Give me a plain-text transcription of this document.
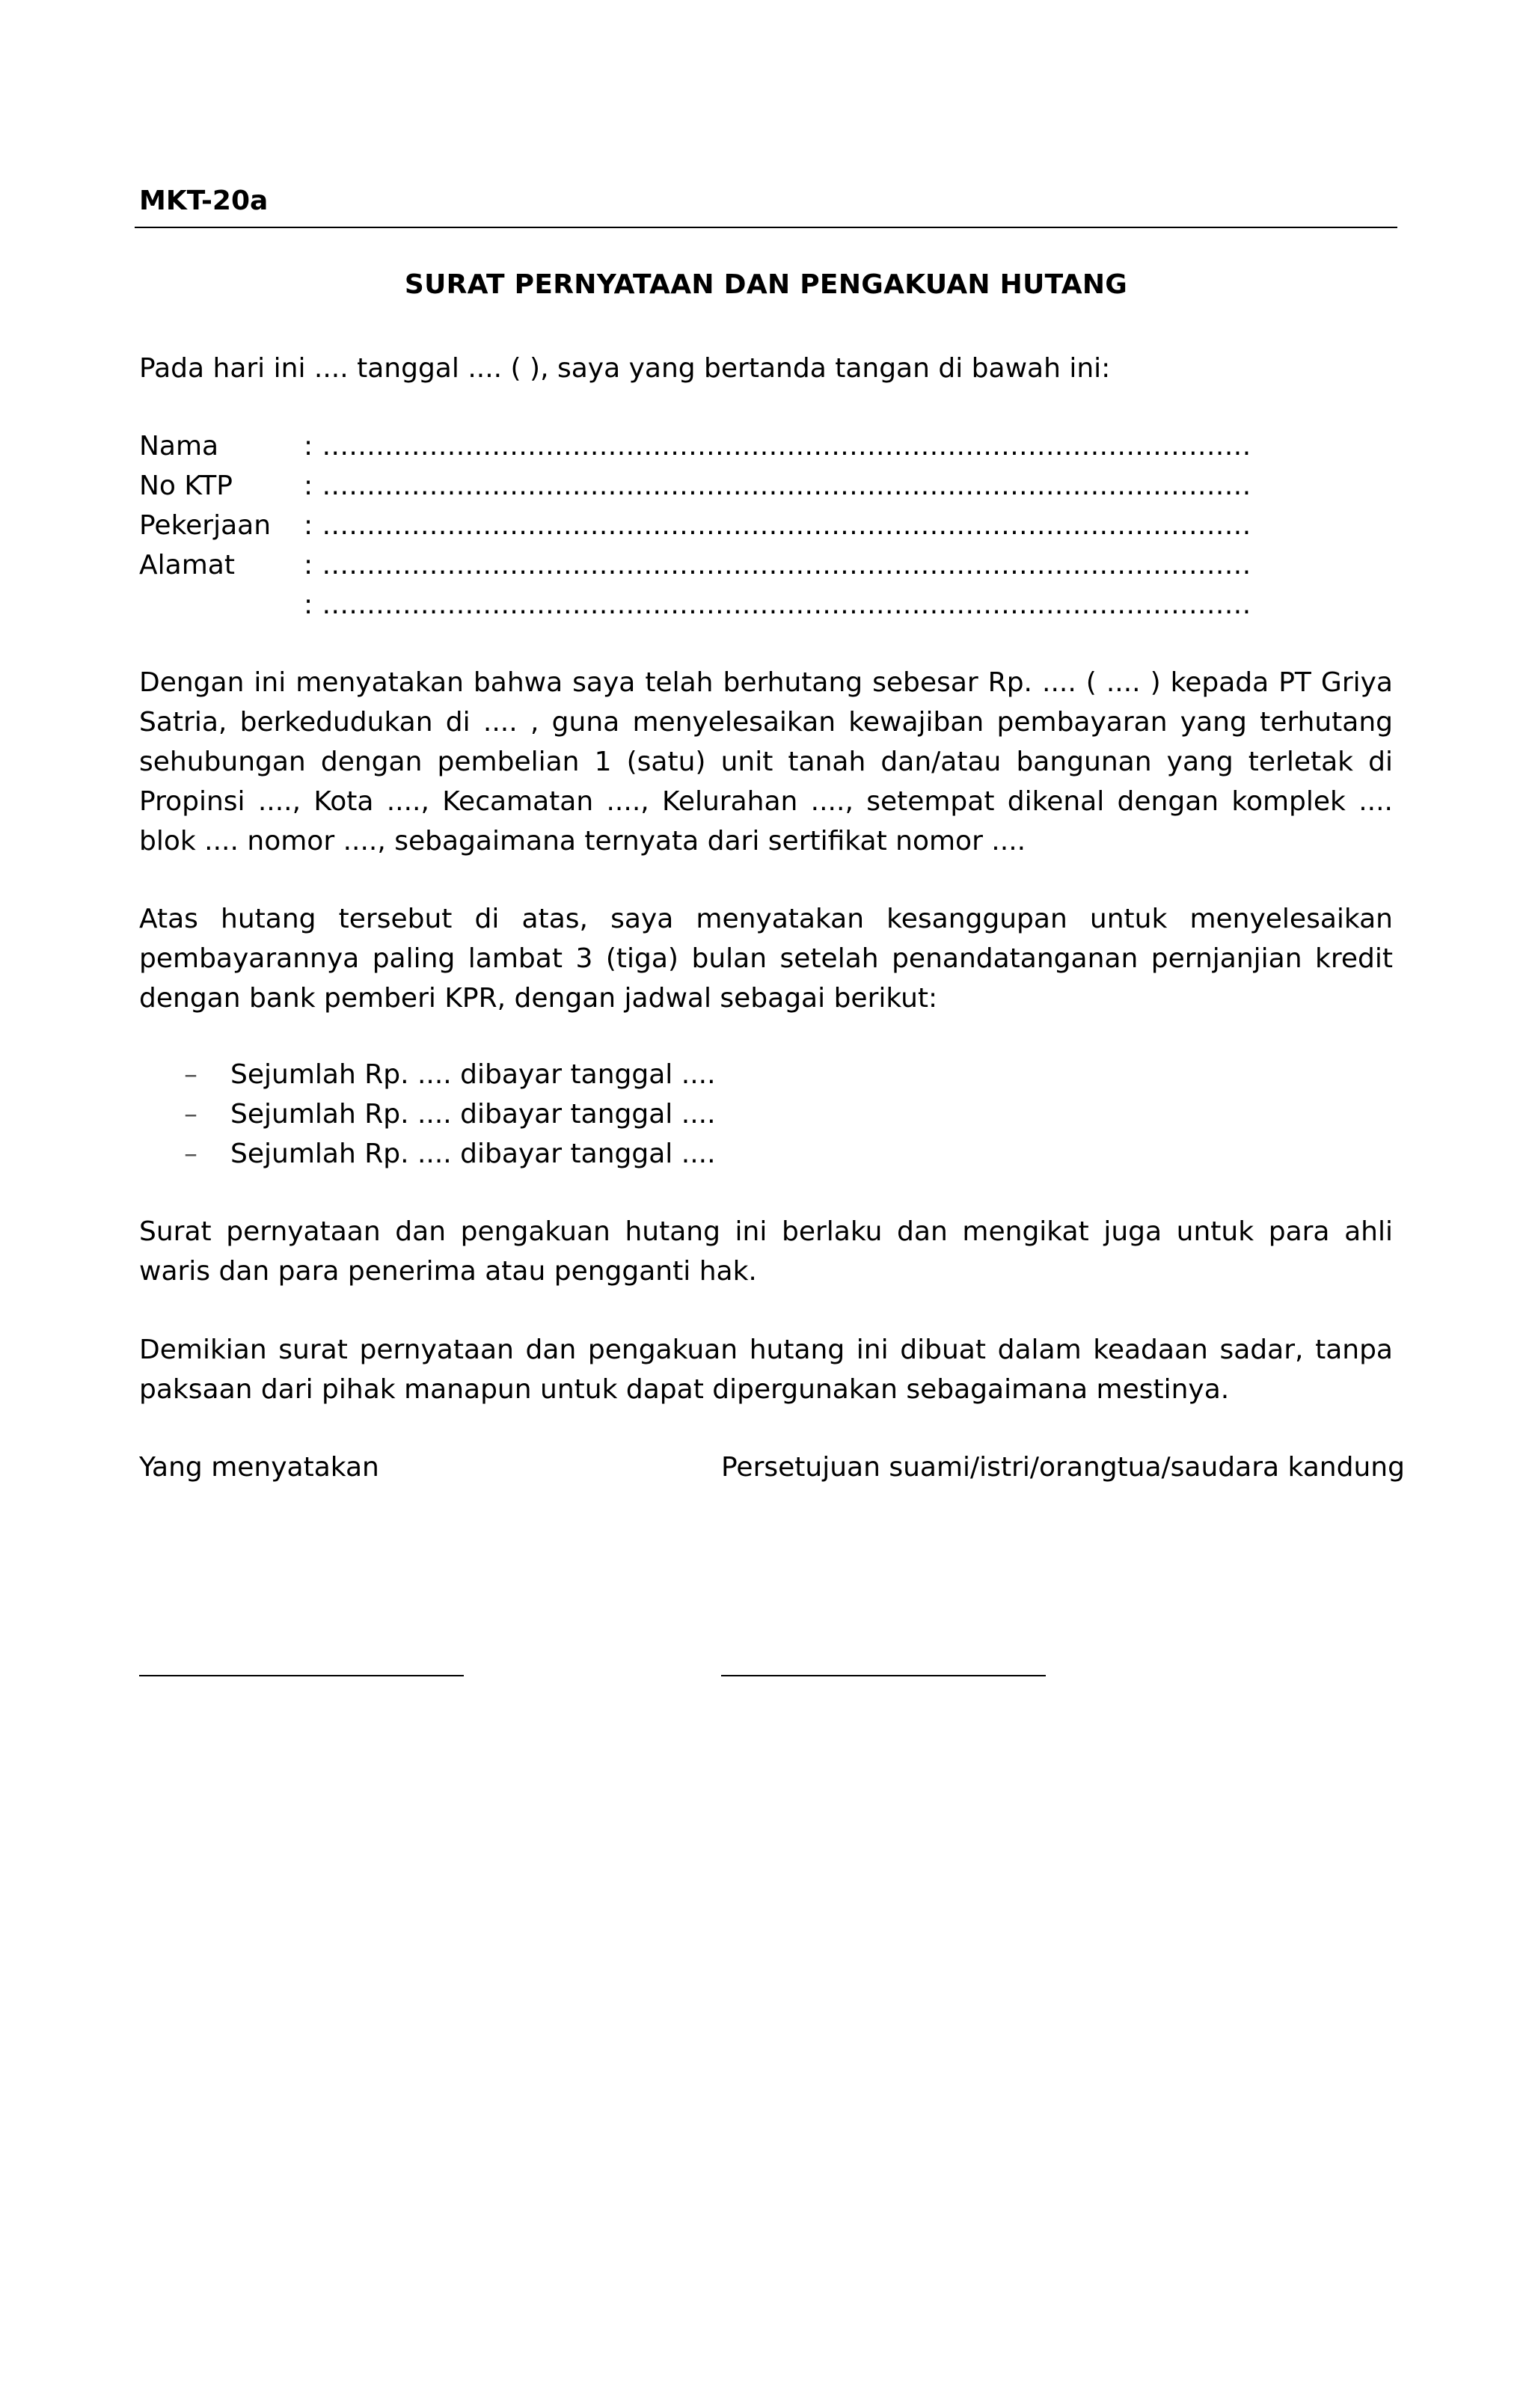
MKT-20a

SURAT PERNYATAAN DAN PENGAKUAN HUTANG

Pada hari ini .... tanggal .... ( ), saya yang bertanda tangan di bawah ini:

Nama	: ........................................................................................................
No KTP	: ........................................................................................................
Pekerjaan : ........................................................................................................
Alamat	: ........................................................................................................
: ........................................................................................................

Dengan ini menyatakan bahwa saya telah berhutang sebesar Rp. .... ( .... ) kepada PT Griya Satria, berkedudukan di .... , guna menyelesaikan kewajiban pembayaran yang terhutang sehubungan dengan pembelian 1 (satu) unit tanah dan/atau bangunan yang terletak di Propinsi ...., Kota ...., Kecamatan ...., Kelurahan ...., setempat dikenal dengan komplek .... blok .... nomor ...., sebagaimana ternyata dari sertifikat nomor ....

Atas hutang tersebut di atas, saya menyatakan kesanggupan untuk menyelesaikan pembayarannya paling lambat 3 (tiga) bulan setelah penandatanganan pernjanjian kredit dengan bank pemberi KPR, dengan jadwal sebagai berikut:

– Sejumlah Rp. .... dibayar tanggal ....
– Sejumlah Rp. .... dibayar tanggal ....
– Sejumlah Rp. .... dibayar tanggal ....

Surat pernyataan dan pengakuan hutang ini berlaku dan mengikat juga untuk para ahli waris dan para penerima atau pengganti hak.

Demikian surat pernyataan dan pengakuan hutang ini dibuat dalam keadaan sadar, tanpa paksaan dari pihak manapun untuk dapat dipergunakan sebagaimana mestinya.

Yang menyatakan	Persetujuan suami/istri/orangtua/saudara kandung
